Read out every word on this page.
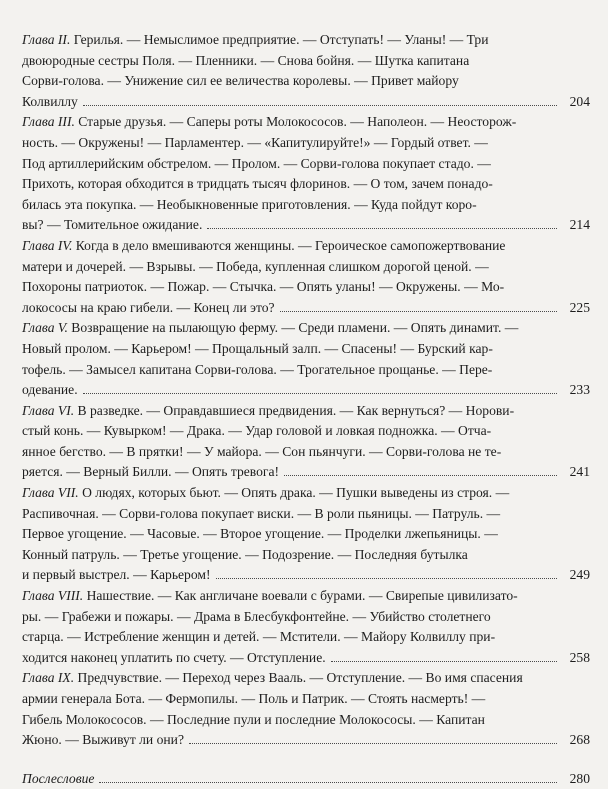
Глава II. Герилья. — Немыслимое предприятие. — Отступать! — Уланы! — Три
двоюродные сестры Поля. — Пленники. — Снова бойня. — Шутка капитана
Сорви-голова. — Унижение сил ее величества королевы. — Привет майору
Колвиллу	204
Глава III. Старые друзья. — Саперы роты Молокососов. — Наполеон. — Неосторож-
ность. — Окружены! — Парламентер. — «Капитулируйте!» — Гордый ответ. —
Под артиллерийским обстрелом. — Пролом. — Сорви-голова покупает стадо. —
Прихоть, которая обходится в тридцать тысяч флоринов. — О том, зачем понадо-
билась эта покупка. — Необыкновенные приготовления. — Куда пойдут коро-
вы? — Томительное ожидание.	214
Глава IV. Когда в дело вмешиваются женщины. — Героическое самопожертвование
матери и дочерей. — Взрывы. — Победа, купленная слишком дорогой ценой. —
Похороны патриоток. — Пожар. — Стычка. — Опять уланы! — Окружены. — Мо-
локососы на краю гибели. — Конец ли это?	225
Глава V. Возвращение на пылающую ферму. — Среди пламени. — Опять динамит. —
Новый пролом. — Карьером! — Прощальный залп. — Спасены! — Бурский кар-
тофель. — Замысел капитана Сорви-голова. — Трогательное прощанье. — Пере-
одевание.	233
Глава VI. В разведке. — Оправдавшиеся предвидения. — Как вернуться? — Норови-
стый конь. — Кувырком! — Драка. — Удар головой и ловкая подножка. — Отча-
янное бегство. — В прятки! — У майора. — Сон пьянчуги. — Сорви-голова не те-
ряется. — Верный Билли. — Опять тревога!	241
Глава VII. О людях, которых бьют. — Опять драка. — Пушки выведены из строя. —
Распивочная. — Сорви-голова покупает виски. — В роли пьяницы. — Патруль. —
Первое угощение. — Часовые. — Второе угощение. — Проделки лжепьяницы. —
Конный патруль. — Третье угощение. — Подозрение. — Последняя бутылка
и первый выстрел. — Карьером!	249
Глава VIII. Нашествие. — Как англичане воевали с бурами. — Свирепые цивилизато-
ры. — Грабежи и пожары. — Драма в Блесбукфонтейне. — Убийство столетнего
старца. — Истребление женщин и детей. — Мстители. — Майору Колвиллу при-
ходится наконец уплатить по счету. — Отступление.	258
Глава IX. Предчувствие. — Переход через Вааль. — Отступление. — Во имя спасения
армии генерала Бота. — Фермопилы. — Поль и Патрик. — Стоять насмерть! —
Гибель Молокососов. — Последние пули и последние Молокососы. — Капитан
Жюно. — Выживут ли они?	268
Послесловие	280
